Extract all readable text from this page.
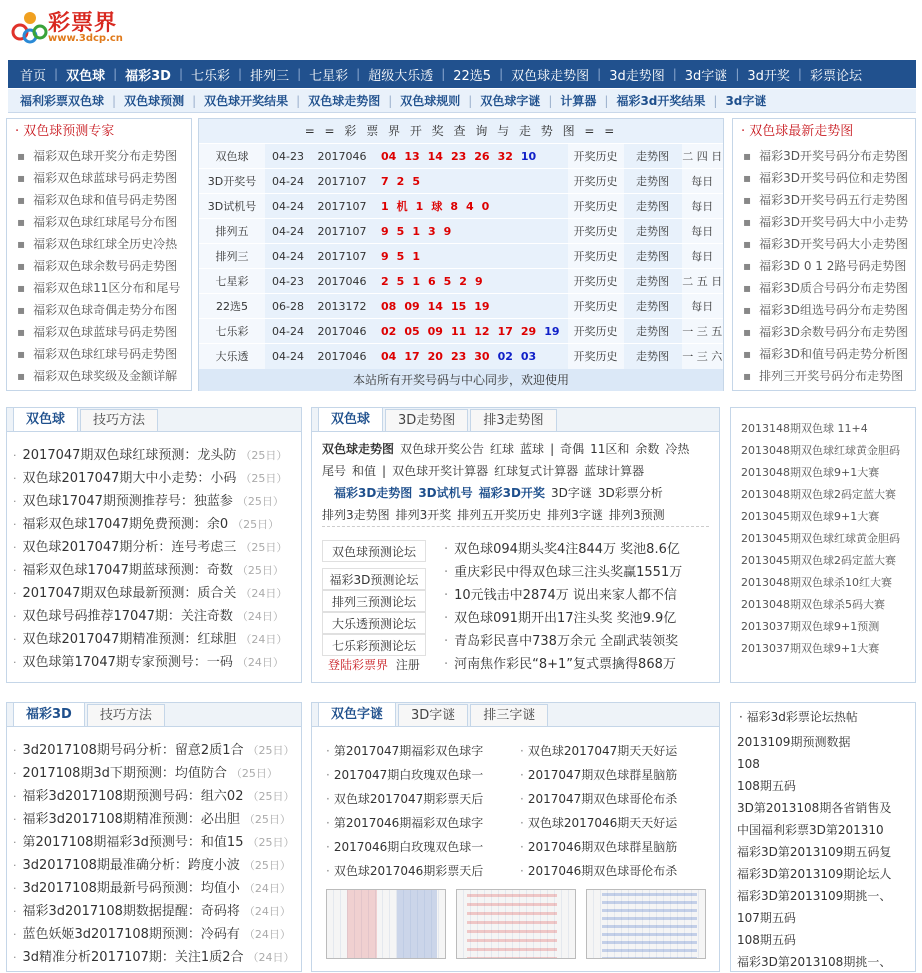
彩票界
www.3dcp.cn
首页 | 双色球 | 福彩3D | 七乐彩 | 排列三 | 七星彩 | 超级大乐透 | 22选5 | 双色球走势图 | 3d走势图 | 3d字谜 | 3d开奖 | 彩票论坛
福利彩票双色球 | 双色球预测 | 双色球开奖结果 | 双色球走势图 | 双色球规则 | 双色球字谜 | 计算器 | 福彩3d开奖结果 | 3d字谜
· 双色球预测专家
▪ 福彩双色球开奖分布走势图
▪ 福彩双色球蓝球号码走势图
▪ 福彩双色球和值号码走势图
▪ 福彩双色球红球尾号分布图
▪ 福彩双色球红球全历史冷热
▪ 福彩双色球余数号码走势图
▪ 福彩双色球11区分布和尾号
▪ 福彩双色球奇偶走势分布图
▪ 福彩双色球蓝球号码走势图
▪ 福彩双色球红球号码走势图
▪ 福彩双色球奖级及金额详解
= = 彩 票 界 开 奖 查 询 与 走 势 图 = =
双色球	04-23	2017046	04 13 14 23 26 32 10	开奖历史	走势图	二 四 日
3D开奖号	04-24	2017107	7 2 5	开奖历史	走势图	每日
3D试机号	04-24	2017107	1 机 1 球 8 4 0	开奖历史	走势图	每日
排列五	04-24	2017107	9 5 1 3 9	开奖历史	走势图	每日
排列三	04-24	2017107	9 5 1	开奖历史	走势图	每日
七星彩	04-23	2017046	2 5 1 6 5 2 9	开奖历史	走势图	二 五 日
22选5	06-28	2013172	08 09 14 15 19	开奖历史	走势图	每日
七乐彩	04-24	2017046	02 05 09 11 12 17 29 19	开奖历史	走势图	一 三 五
大乐透	04-24	2017046	04 17 20 23 30 02 03	开奖历史	走势图	一 三 六
本站所有开奖号码与中心同步，欢迎使用
· 双色球最新走势图
▪ 福彩3D开奖号码分布走势图
▪ 福彩3D开奖号码位和走势图
▪ 福彩3D开奖号码五行走势图
▪ 福彩3D开奖号码大中小走势
▪ 福彩3D开奖号码大小走势图
▪ 福彩3D 0 1 2路号码走势图
▪ 福彩3D质合号码分布走势图
▪ 福彩3D组选号码分布走势图
▪ 福彩3D余数号码分布走势图
▪ 福彩3D和值号码走势分析图
▪ 排列三开奖号码分布走势图
双色球	技巧方法
· 2017047期双色球红球预测：龙头防 （25日）
· 双色球2017047期大中小走势：小码 （25日）
· 双色球17047期预测推荐号：独蓝参 （25日）
· 福彩双色球17047期免费预测：余0 （25日）
· 双色球2017047期分析：连号考虑三 （25日）
· 福彩双色球17047期蓝球预测：奇数 （25日）
· 2017047期双色球最新预测：质合关 （24日）
· 双色球号码推荐17047期：关注奇数 （24日）
· 双色球2017047期精准预测：红球胆 （24日）
· 双色球第17047期专家预测号：一码 （24日）
双色球	3D走势图	排3走势图
双色球走势图 双色球开奖公告 红球 蓝球 | 奇偶 11区和 余数 冷热尾号 和值 | 双色球开奖计算器 红球复式计算器 蓝球计算器
福彩3D走势图 3D试机号 福彩3D开奖 3D字谜 3D彩票分析
排列3走势图 排列3开奖 排列五开奖历史 排列3字谜 排列3预测
双色球预测论坛
福彩3D预测论坛
排列三预测论坛
大乐透预测论坛
七乐彩预测论坛
登陆彩票界 注册
· 双色球094期头奖4注844万 奖池8.6亿
· 重庆彩民中得双色球三注头奖赢1551万
· 10元钱击中2874万 说出来家人都不信
· 双色球091期开出17注头奖 奖池9.9亿
· 青岛彩民喜中738万余元 全副武装领奖
· 河南焦作彩民“8+1”复式票擒得868万
2013148期双色球 11+4
2013048期双色球红球黄金胆码
2013048期双色球9+1大赛
2013048期双色球2码定蓝大赛
2013045期双色球9+1大赛
2013045期双色球红球黄金胆码
2013045期双色球2码定蓝大赛
2013048期双色球杀10红大赛
2013048期双色球杀5码大赛
2013037期双色球9+1预测
2013037期双色球9+1大赛
福彩3D	技巧方法
· 3d2017108期号码分析：留意2质1合 （25日）
· 2017108期3d下期预测：均值防合 （25日）
· 福彩3d2017108期预测号码：组六02 （25日）
· 福彩3d2017108期精准预测：必出胆 （25日）
· 第2017108期福彩3d预测号：和值15 （25日）
· 3d2017108期最准确分析：跨度小波 （25日）
· 3d2017108期最新号码预测：均值小 （24日）
· 福彩3d2017108期数据提醒：奇码将 （24日）
· 蓝色妖姬3d2017108期预测：冷码有 （24日）
· 3d精准分析2017107期：关注1质2合 （24日）
双色字谜	3D字谜	排三字谜
· 第2017047期福彩双色球字
· 2017047期白玫瑰双色球一
· 双色球2017047期彩票天后
· 第2017046期福彩双色球字
· 2017046期白玫瑰双色球一
· 双色球2017046期彩票天后
· 双色球2017047期天天好运
· 2017047期双色球群星脑筋
· 2017047期双色球哥伦布杀
· 双色球2017046期天天好运
· 2017046期双色球群星脑筋
· 2017046期双色球哥伦布杀
· 福彩3d彩票论坛热帖
2013109期预测数据
108
108期五码
3D第2013108期各省销售及
中国福利彩票3D第201310
福彩3D第2013109期五码复
福彩3D第2013109期论坛人
福彩3D第2013109期挑一、
107期五码
108期五码
福彩3D第2013108期挑一、
